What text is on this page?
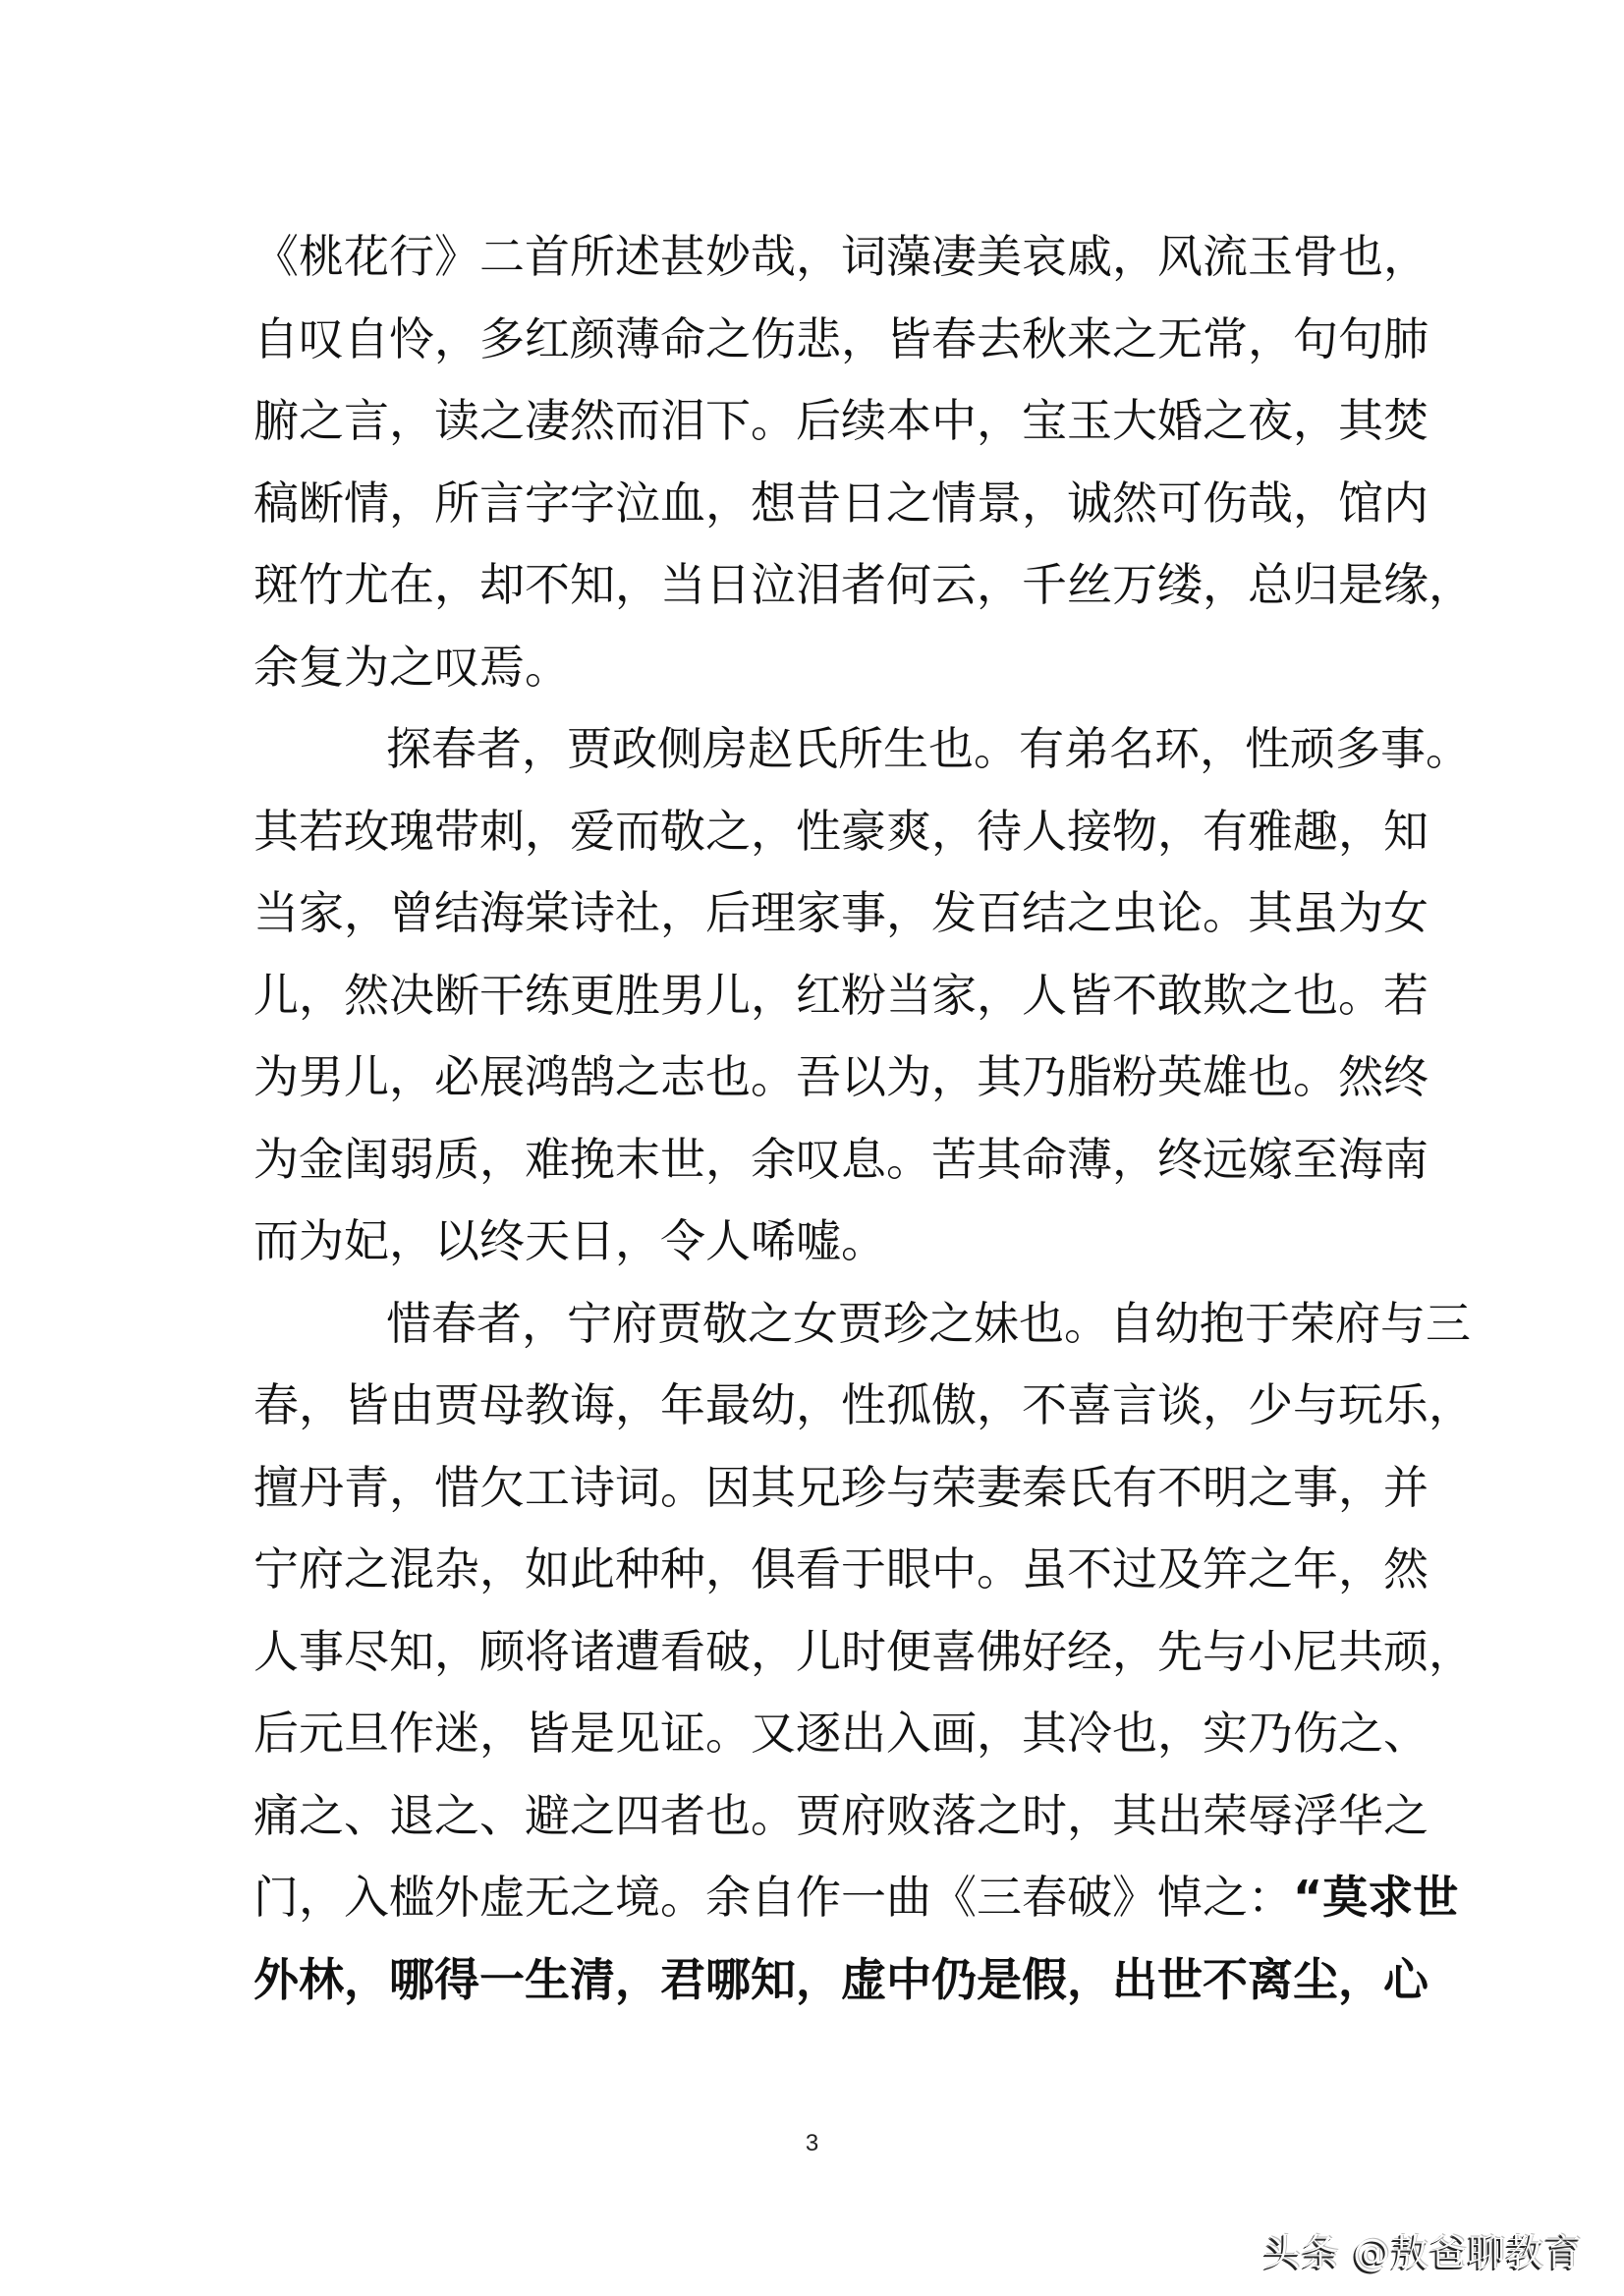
《桃花行》二首所述甚妙哉，词藻凄美哀戚，风流玉骨也，
自叹自怜，多红颜薄命之伤悲，皆春去秋来之无常，句句肺
腑之言，读之凄然而泪下。后续本中，宝玉大婚之夜，其焚
稿断情，所言字字泣血，想昔日之情景，诚然可伤哉，馆内
斑竹尤在，却不知，当日泣泪者何云，千丝万缕，总归是缘，
余复为之叹焉。
探春者，贾政侧房赵氏所生也。有弟名环，性顽多事。
其若玫瑰带刺，爱而敬之，性豪爽，待人接物，有雅趣，知
当家，曾结海棠诗社，后理家事，发百结之虫论。其虽为女
儿，然决断干练更胜男儿，红粉当家，人皆不敢欺之也。若
为男儿，必展鸿鹄之志也。吾以为，其乃脂粉英雄也。然终
为金闺弱质，难挽末世，余叹息。苦其命薄，终远嫁至海南
而为妃，以终天日，令人唏嘘。
惜春者，宁府贾敬之女贾珍之妹也。自幼抱于荣府与三
春，皆由贾母教诲，年最幼，性孤傲，不喜言谈，少与玩乐，
擅丹青，惜欠工诗词。因其兄珍与荣妻秦氏有不明之事，并
宁府之混杂，如此种种，俱看于眼中。虽不过及笄之年，然
人事尽知，顾将诸遭看破，儿时便喜佛好经，先与小尼共顽，
后元旦作迷，皆是见证。又逐出入画，其冷也，实乃伤之、
痛之、退之、避之四者也。贾府败落之时，其出荣辱浮华之
门，入槛外虚无之境。余自作一曲《三春破》悼之：“莫求世
外林，哪得一生清，君哪知，虚中仍是假，出世不离尘，心
3
头条 @敖爸聊教育
